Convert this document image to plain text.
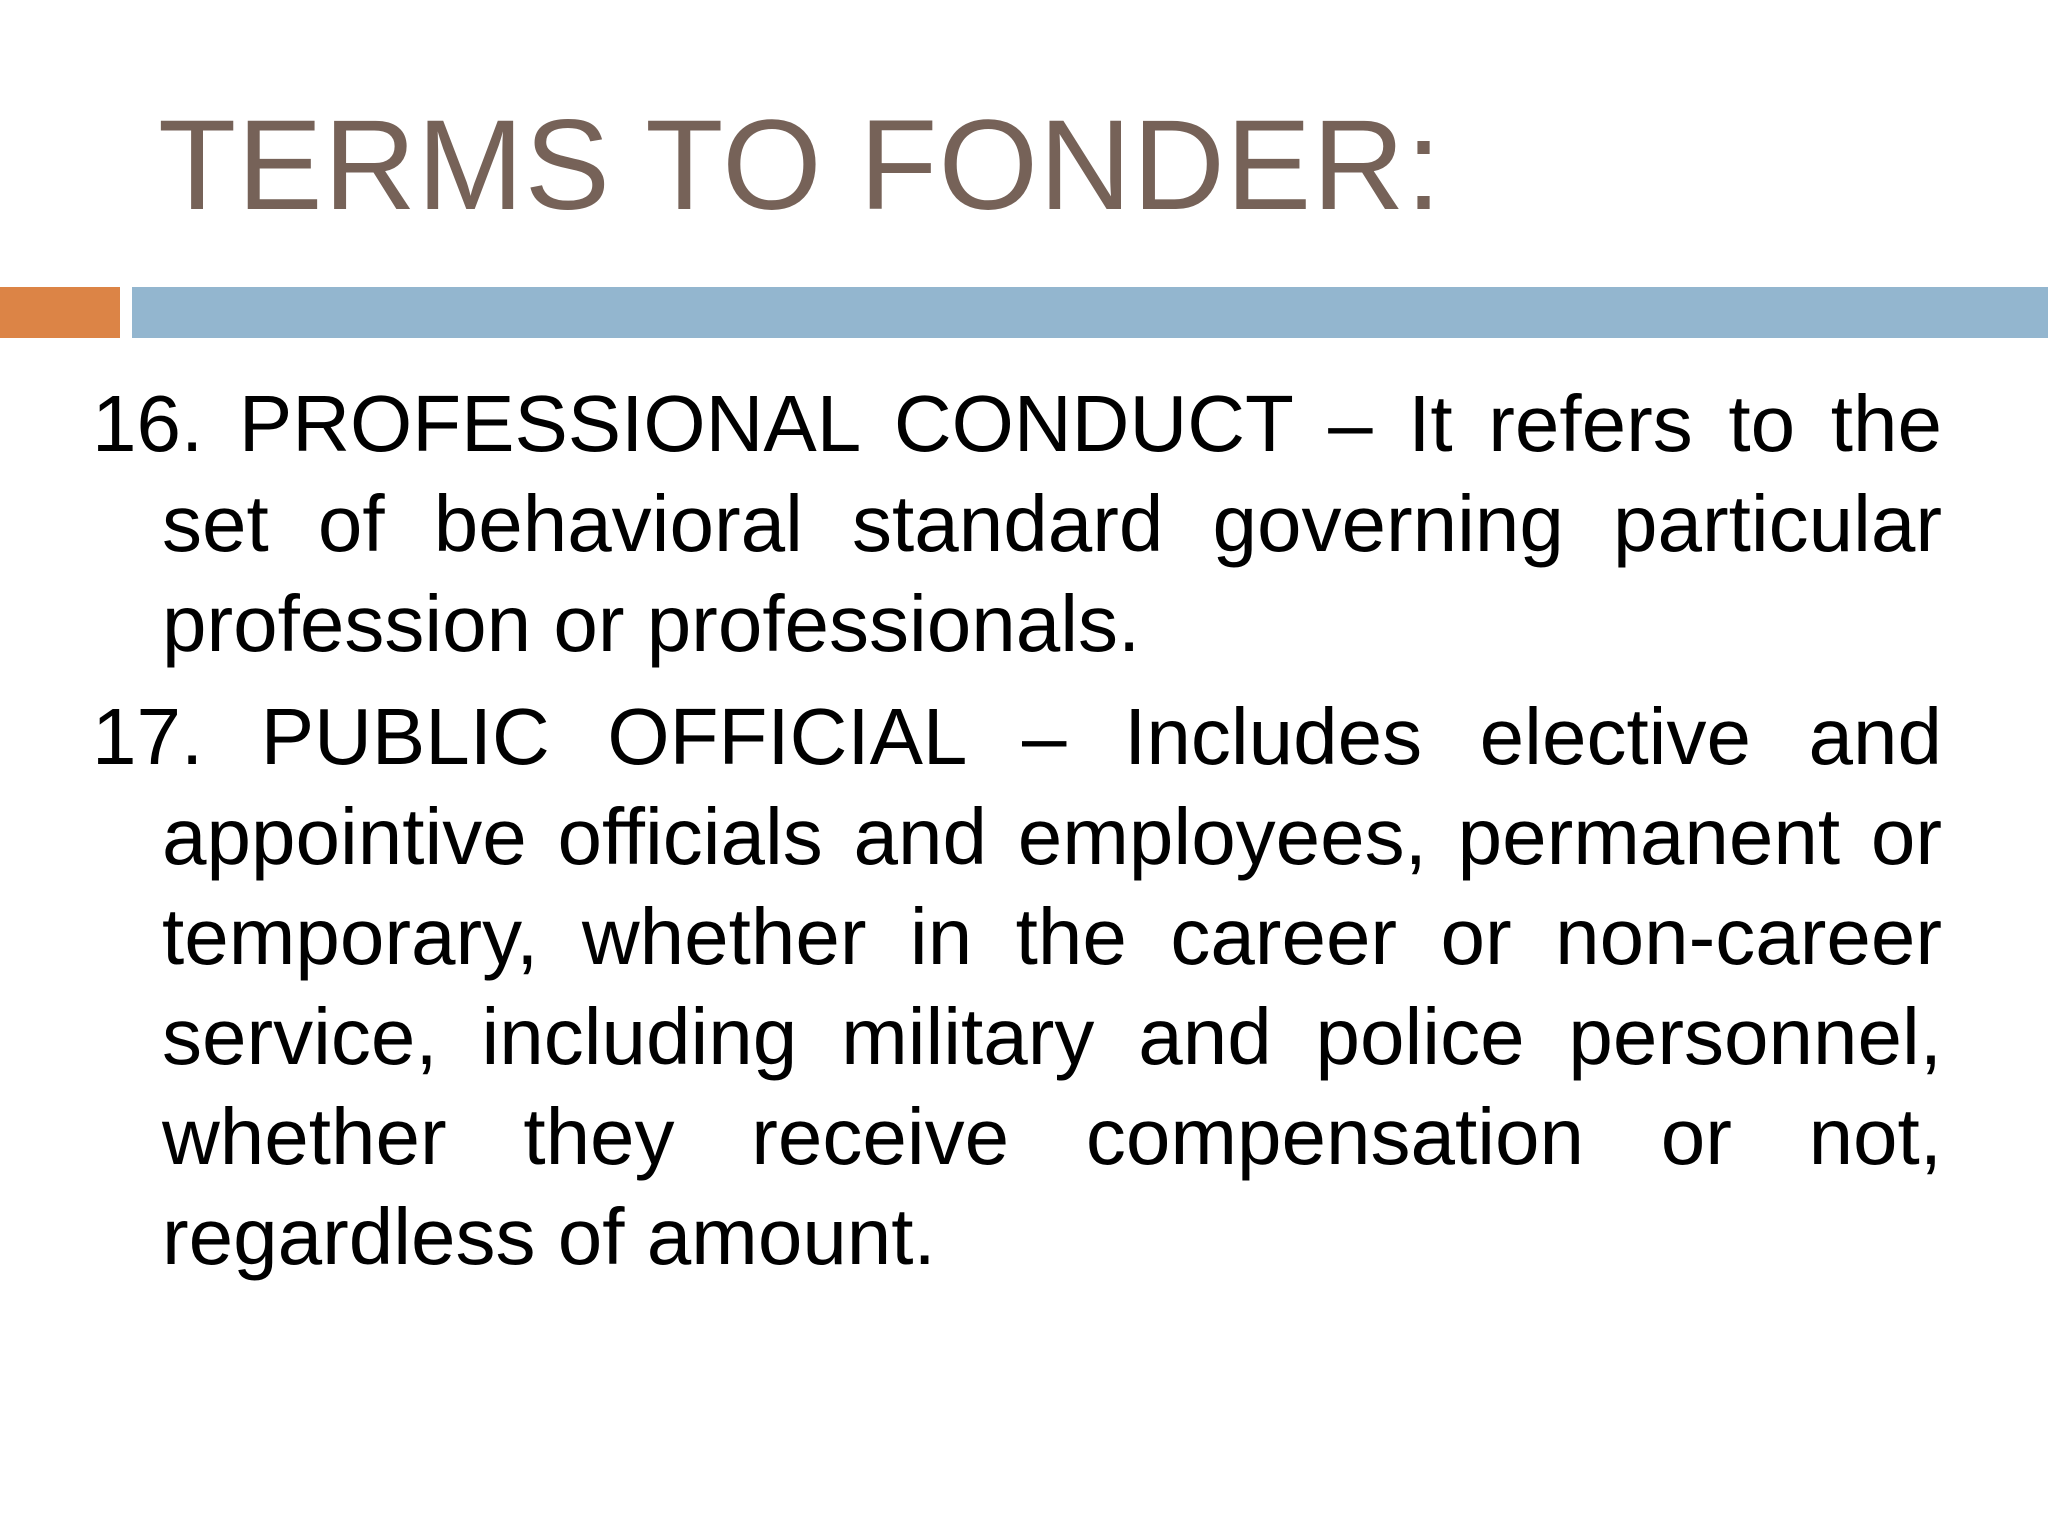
TERMS TO FONDER:

16. PROFESSIONAL CONDUCT – It refers to the set of behavioral standard governing particular profession or professionals.

17. PUBLIC OFFICIAL – Includes elective and appointive officials and employees, permanent or temporary, whether in the career or non-career service, including military and police personnel, whether they receive compensation or not, regardless of amount.
